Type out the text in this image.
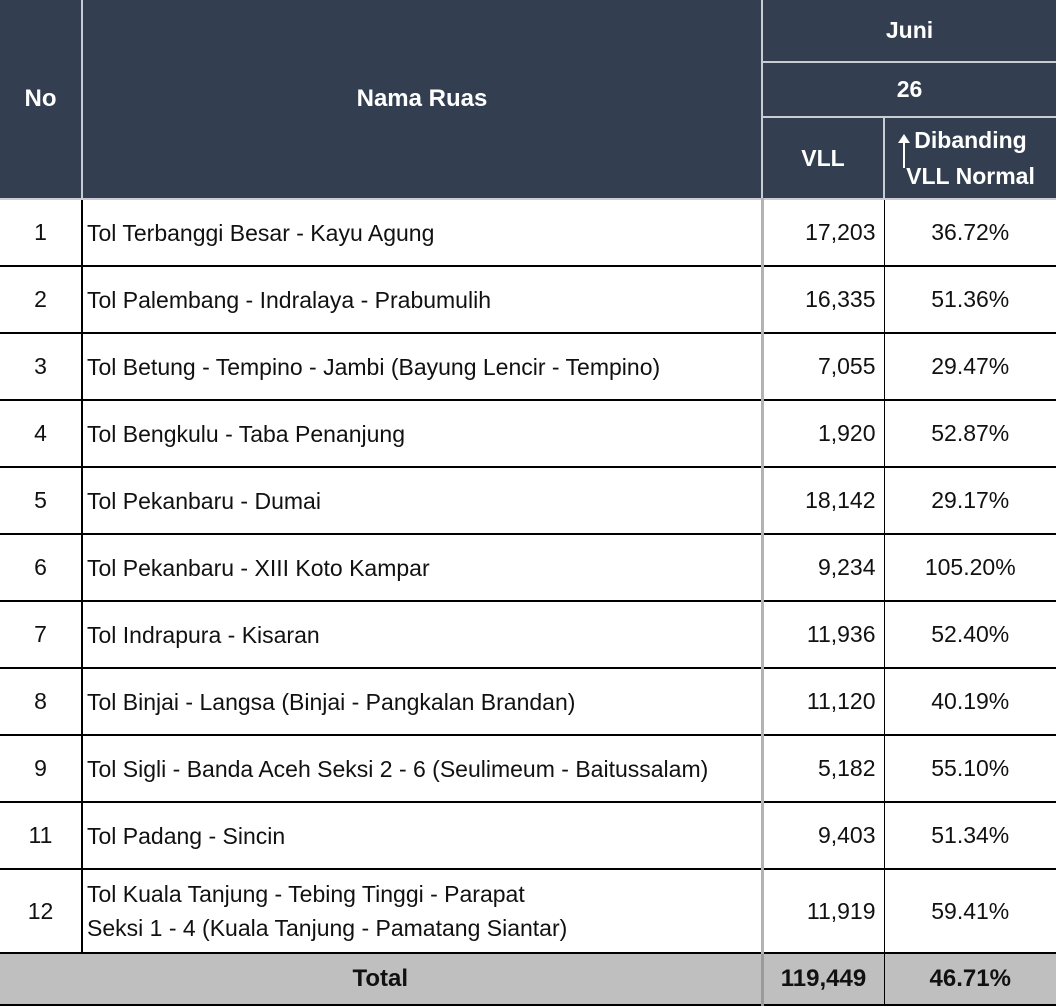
No	Nama Ruas	Juni	
		26	
		VLL	Dibanding
VLL Normal
1	Tol Terbanggi Besar - Kayu Agung	17,203	36.72%
2	Tol Palembang - Indralaya - Prabumulih	16,335	51.36%
3	Tol Betung - Tempino - Jambi (Bayung Lencir - Tempino)	7,055	29.47%
4	Tol Bengkulu - Taba Penanjung	1,920	52.87%
5	Tol Pekanbaru - Dumai	18,142	29.17%
6	Tol Pekanbaru - XIII Koto Kampar	9,234	105.20%
7	Tol Indrapura - Kisaran	11,936	52.40%
8	Tol Binjai - Langsa (Binjai - Pangkalan Brandan)	11,120	40.19%
9	Tol Sigli - Banda Aceh Seksi 2 - 6 (Seulimeum - Baitussalam)	5,182	55.10%
11	Tol Padang - Sincin	9,403	51.34%
12	Tol Kuala Tanjung - Tebing Tinggi - Parapat
Seksi 1 - 4 (Kuala Tanjung - Pamatang Siantar)	11,919	59.41%
Total		119,449	46.71%
